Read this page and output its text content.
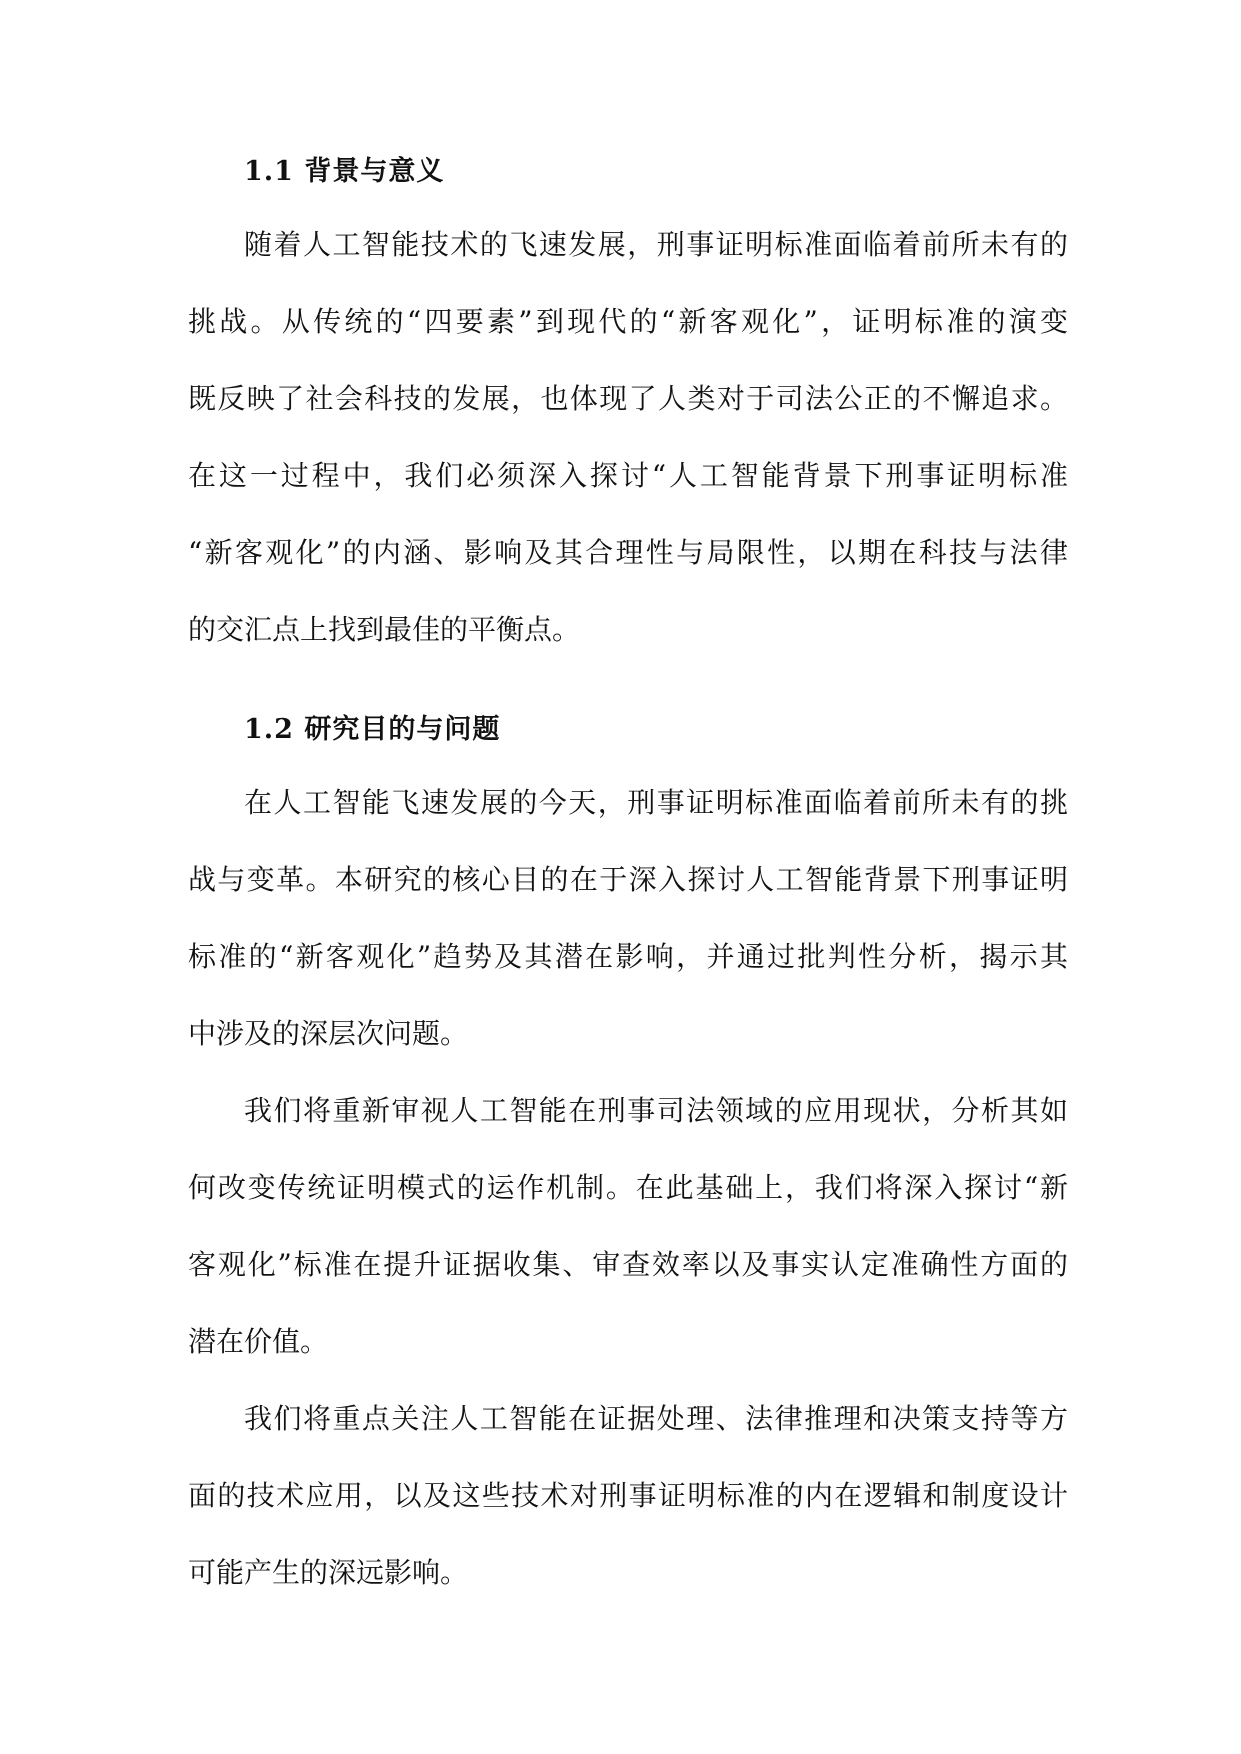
1.1 背景与意义
随着人工智能技术的飞速发展，刑事证明标准面临着前所未有的
挑战。从传统的“四要素”到现代的“新客观化”，证明标准的演变
既反映了社会科技的发展，也体现了人类对于司法公正的不懈追求。
在这一过程中，我们必须深入探讨“人工智能背景下刑事证明标准
“新客观化”的内涵、影响及其合理性与局限性，以期在科技与法律
的交汇点上找到最佳的平衡点。
1.2 研究目的与问题
在人工智能飞速发展的今天，刑事证明标准面临着前所未有的挑
战与变革。本研究的核心目的在于深入探讨人工智能背景下刑事证明
标准的“新客观化”趋势及其潜在影响，并通过批判性分析，揭示其
中涉及的深层次问题。
我们将重新审视人工智能在刑事司法领域的应用现状，分析其如
何改变传统证明模式的运作机制。在此基础上，我们将深入探讨“新
客观化”标准在提升证据收集、审查效率以及事实认定准确性方面的
潜在价值。
我们将重点关注人工智能在证据处理、法律推理和决策支持等方
面的技术应用，以及这些技术对刑事证明标准的内在逻辑和制度设计
可能产生的深远影响。
